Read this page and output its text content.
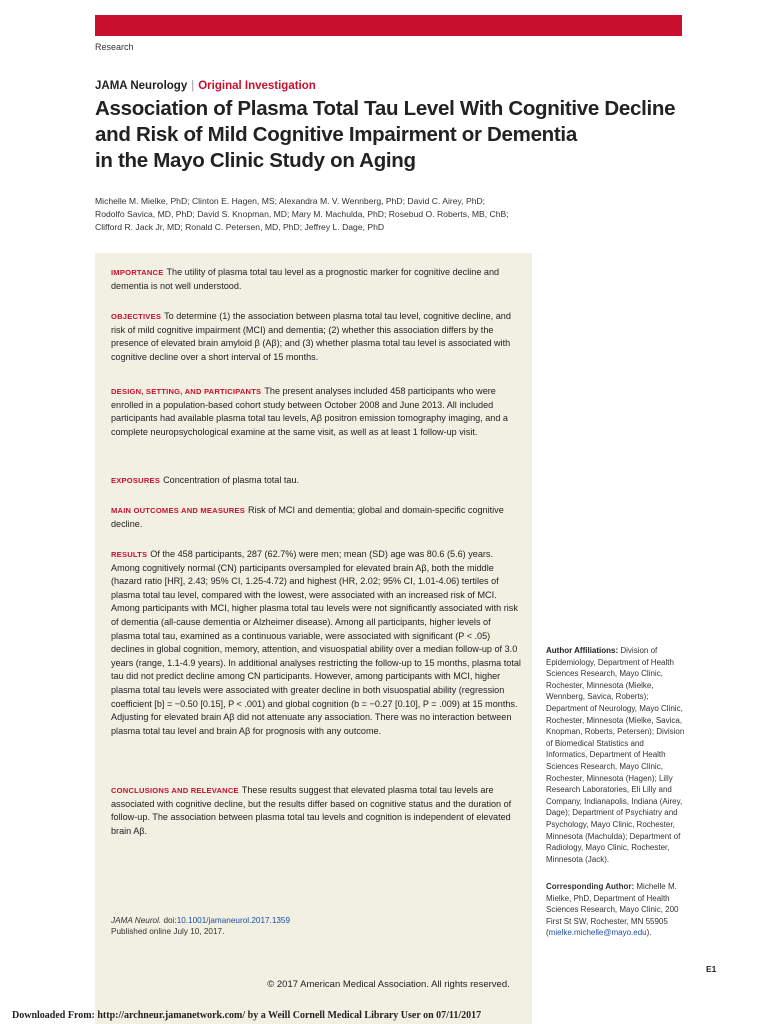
Research
JAMA Neurology | Original Investigation
Association of Plasma Total Tau Level With Cognitive Decline
and Risk of Mild Cognitive Impairment or Dementia
in the Mayo Clinic Study on Aging
Michelle M. Mielke, PhD; Clinton E. Hagen, MS; Alexandra M. V. Wennberg, PhD; David C. Airey, PhD;
Rodolfo Savica, MD, PhD; David S. Knopman, MD; Mary M. Machulda, PhD; Rosebud O. Roberts, MB, ChB;
Clifford R. Jack Jr, MD; Ronald C. Petersen, MD, PhD; Jeffrey L. Dage, PhD

IMPORTANCE The utility of plasma total tau level as a prognostic marker for cognitive decline and dementia is not well understood.

OBJECTIVES To determine (1) the association between plasma total tau level, cognitive decline, and risk of mild cognitive impairment (MCI) and dementia; (2) whether this association differs by the presence of elevated brain amyloid β (Aβ); and (3) whether plasma total tau level is associated with cognitive decline over a short interval of 15 months.

DESIGN, SETTING, AND PARTICIPANTS The present analyses included 458 participants who were enrolled in a population-based cohort study between October 2008 and June 2013. All included participants had available plasma total tau levels, Aβ positron emission tomography imaging, and a complete neuropsychological examine at the same visit, as well as at least 1 follow-up visit.

EXPOSURES Concentration of plasma total tau.

MAIN OUTCOMES AND MEASURES Risk of MCI and dementia; global and domain-specific cognitive decline.

RESULTS Of the 458 participants, 287 (62.7%) were men; mean (SD) age was 80.6 (5.6) years. Among cognitively normal (CN) participants oversampled for elevated brain Aβ, both the middle (hazard ratio [HR], 2.43; 95% CI, 1.25-4.72) and highest (HR, 2.02; 95% CI, 1.01-4.06) tertiles of plasma total tau level, compared with the lowest, were associated with an increased risk of MCI. Among participants with MCI, higher plasma total tau levels were not significantly associated with risk of dementia (all-cause dementia or Alzheimer disease). Among all participants, higher levels of plasma total tau, examined as a continuous variable, were associated with significant (P < .05) declines in global cognition, memory, attention, and visuospatial ability over a median follow-up of 3.0 years (range, 1.1-4.9 years). In additional analyses restricting the follow-up to 15 months, plasma total tau did not predict decline among CN participants. However, among participants with MCI, higher plasma total tau levels were associated with greater decline in both visuospatial ability (regression coefficient [b] = −0.50 [0.15], P < .001) and global cognition (b = −0.27 [0.10], P = .009) at 15 months. Adjusting for elevated brain Aβ did not attenuate any association. There was no interaction between plasma total tau level and brain Aβ for prognosis with any outcome.

CONCLUSIONS AND RELEVANCE These results suggest that elevated plasma total tau levels are associated with cognitive decline, but the results differ based on cognitive status and the duration of follow-up. The association between plasma total tau levels and cognition is independent of elevated brain Aβ.

JAMA Neurol. doi:10.1001/jamaneurol.2017.1359
Published online July 10, 2017.
© 2017 American Medical Association. All rights reserved.
Author Affiliations: Division of Epidemiology, Department of Health Sciences Research, Mayo Clinic, Rochester, Minnesota (Mielke, Wennberg, Savica, Roberts); Department of Neurology, Mayo Clinic, Rochester, Minnesota (Mielke, Savica, Knopman, Roberts, Petersen); Division of Biomedical Statistics and Informatics, Department of Health Sciences Research, Mayo Clinic, Rochester, Minnesota (Hagen); Lilly Research Laboratories, Eli Lilly and Company, Indianapolis, Indiana (Airey, Dage); Department of Psychiatry and Psychology, Mayo Clinic, Rochester, Minnesota (Machulda); Department of Radiology, Mayo Clinic, Rochester, Minnesota (Jack).
Corresponding Author: Michelle M. Mielke, PhD, Department of Health Sciences Research, Mayo Clinic, 200 First St SW, Rochester, MN 55905 (mielke.michelle@mayo.edu).
E1
Downloaded From: http://archneur.jamanetwork.com/ by a Weill Cornell Medical Library User on 07/11/2017
